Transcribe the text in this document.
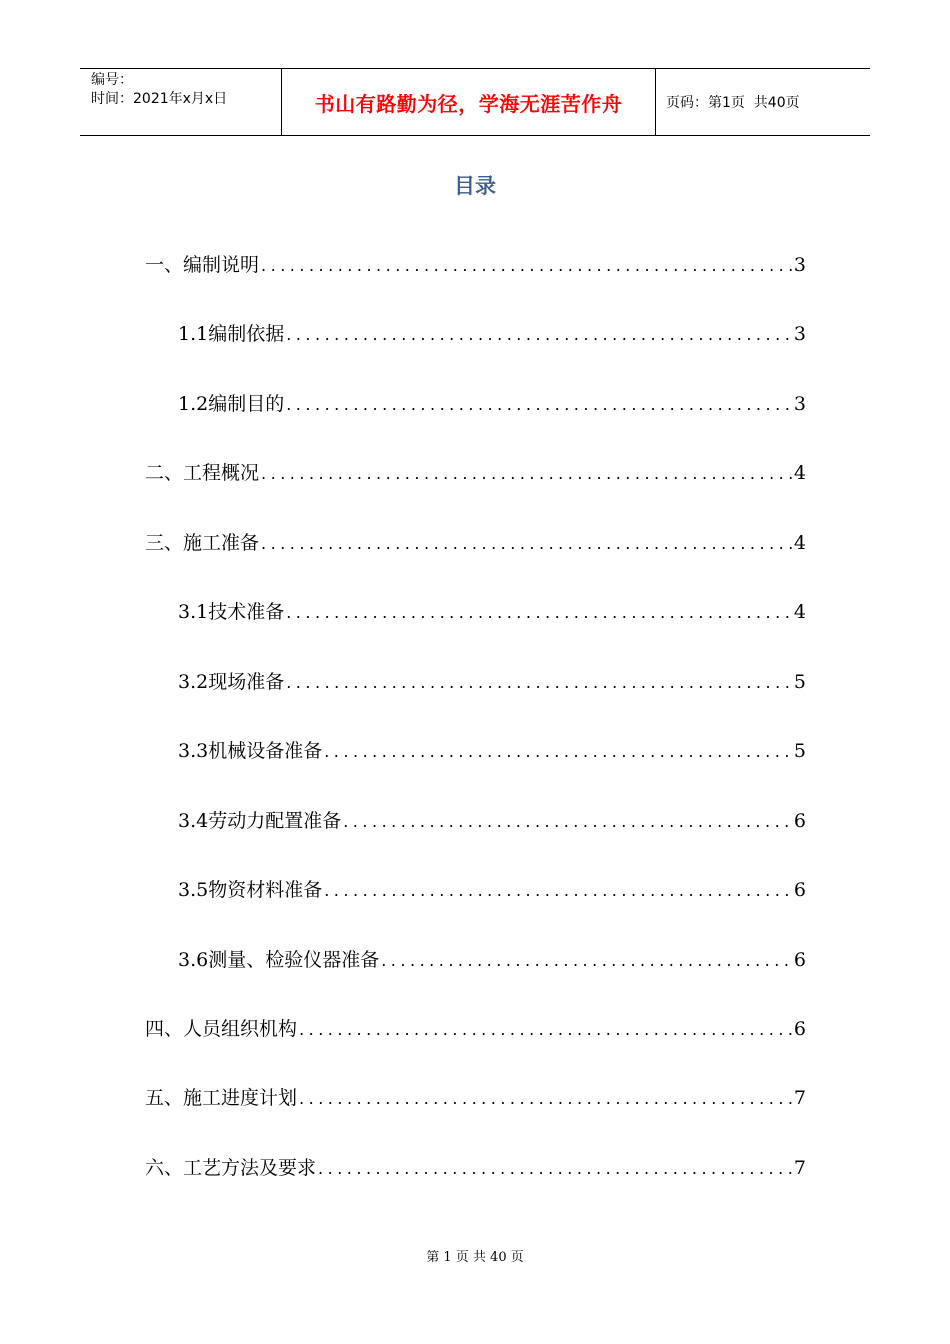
编号：
时间：2021年x月x日	书山有路勤为径，学海无涯苦作舟	页码：第1页  共40页
目录
一、编制说明 .....	3
1.1编制依据 .....	3
1.2编制目的 .....	3
二、工程概况 .....	4
三、施工准备 .....	4
3.1技术准备 .....	4
3.2现场准备 .....	5
3.3机械设备准备 .....	5
3.4劳动力配置准备 .....	6
3.5物资材料准备 .....	6
3.6测量、检验仪器准备 .....	6
四、人员组织机构 .....	6
五、施工进度计划 .....	7
六、工艺方法及要求 .....	7
第 1 页 共 40 页
